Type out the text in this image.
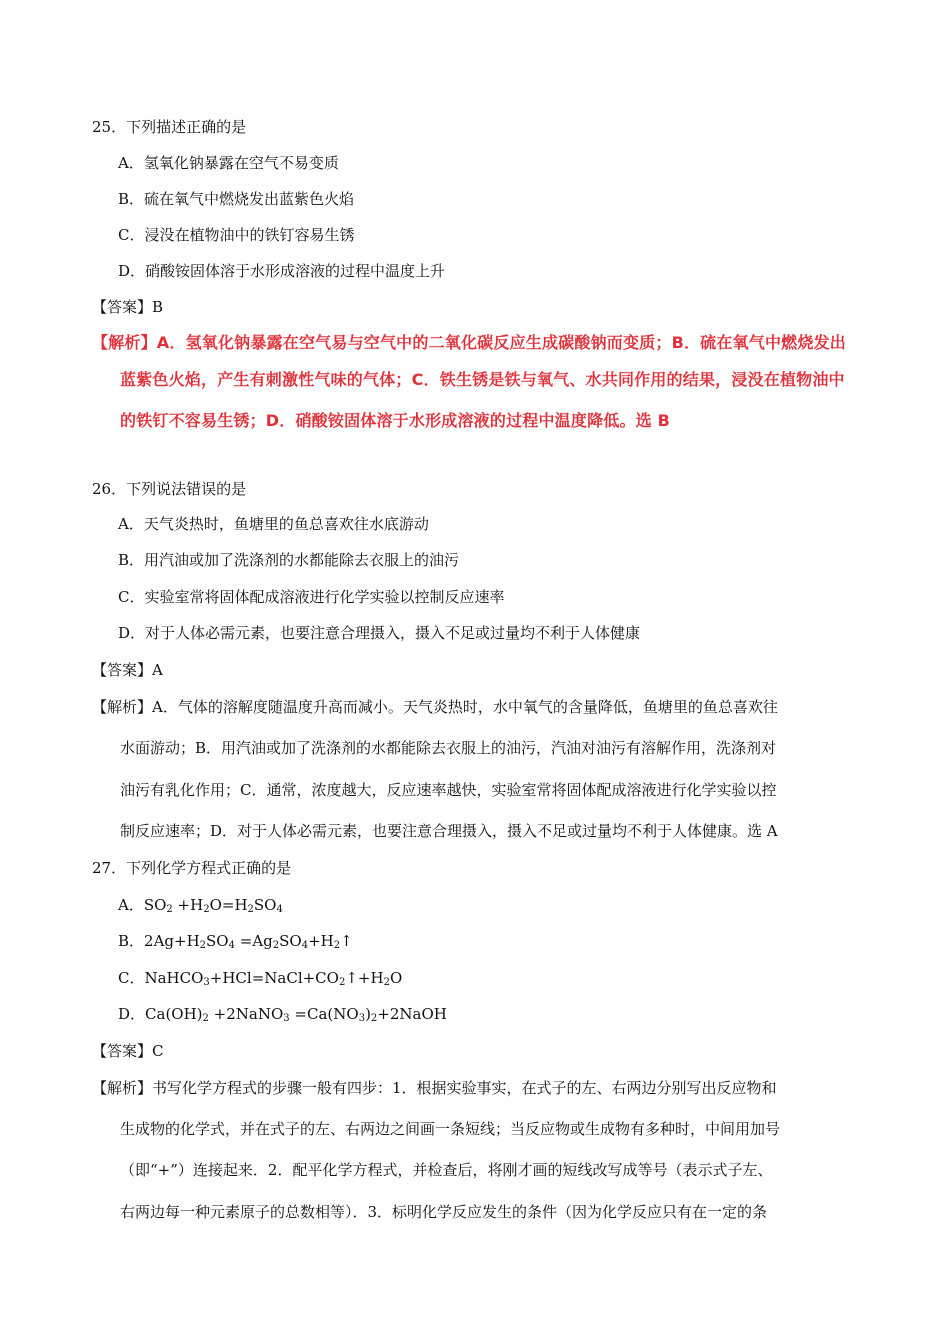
25．下列描述正确的是
A．氢氧化钠暴露在空气不易变质
B．硫在氧气中燃烧发出蓝紫色火焰
C．浸没在植物油中的铁钉容易生锈
D．硝酸铵固体溶于水形成溶液的过程中温度上升
【答案】B
【解析】A．氢氧化钠暴露在空气易与空气中的二氧化碳反应生成碳酸钠而变质；B．硫在氧气中燃烧发出
蓝紫色火焰，产生有刺激性气味的气体；C．铁生锈是铁与氧气、水共同作用的结果，浸没在植物油中
的铁钉不容易生锈；D．硝酸铵固体溶于水形成溶液的过程中温度降低。选 B
26．下列说法错误的是
A．天气炎热时，鱼塘里的鱼总喜欢往水底游动
B．用汽油或加了洗涤剂的水都能除去衣服上的油污
C．实验室常将固体配成溶液进行化学实验以控制反应速率
D．对于人体必需元素，也要注意合理摄入，摄入不足或过量均不利于人体健康
【答案】A
【解析】A．气体的溶解度随温度升高而减小。天气炎热时，水中氧气的含量降低，鱼塘里的鱼总喜欢往
水面游动；B．用汽油或加了洗涤剂的水都能除去衣服上的油污，汽油对油污有溶解作用，洗涤剂对
油污有乳化作用；C．通常，浓度越大，反应速率越快，实验室常将固体配成溶液进行化学实验以控
制反应速率；D．对于人体必需元素，也要注意合理摄入，摄入不足或过量均不利于人体健康。选 A
27．下列化学方程式正确的是
A．$SO_2 +H_2O=H_2SO_4$
B．$2Ag+H_2SO_4$ $=Ag_2SO_4+H_2↑$
C．$NaHCO_3+HCl=NaCl+CO_2↑+H_2O$
D．$Ca(OH)_2$ +2NaNO$_3$ $=Ca(NO_3)_2+2NaOH$
【答案】C
【解析】书写化学方程式的步骤一般有四步：1．根据实验事实，在式子的左、右两边分别写出反应物和
生成物的化学式，并在式子的左、右两边之间画一条短线；当反应物或生成物有多种时，中间用加号
（即“+”）连接起来．2．配平化学方程式，并检查后，将刚才画的短线改写成等号（表示式子左、
右两边每一种元素原子的总数相等）．3．标明化学反应发生的条件（因为化学反应只有在一定的条
